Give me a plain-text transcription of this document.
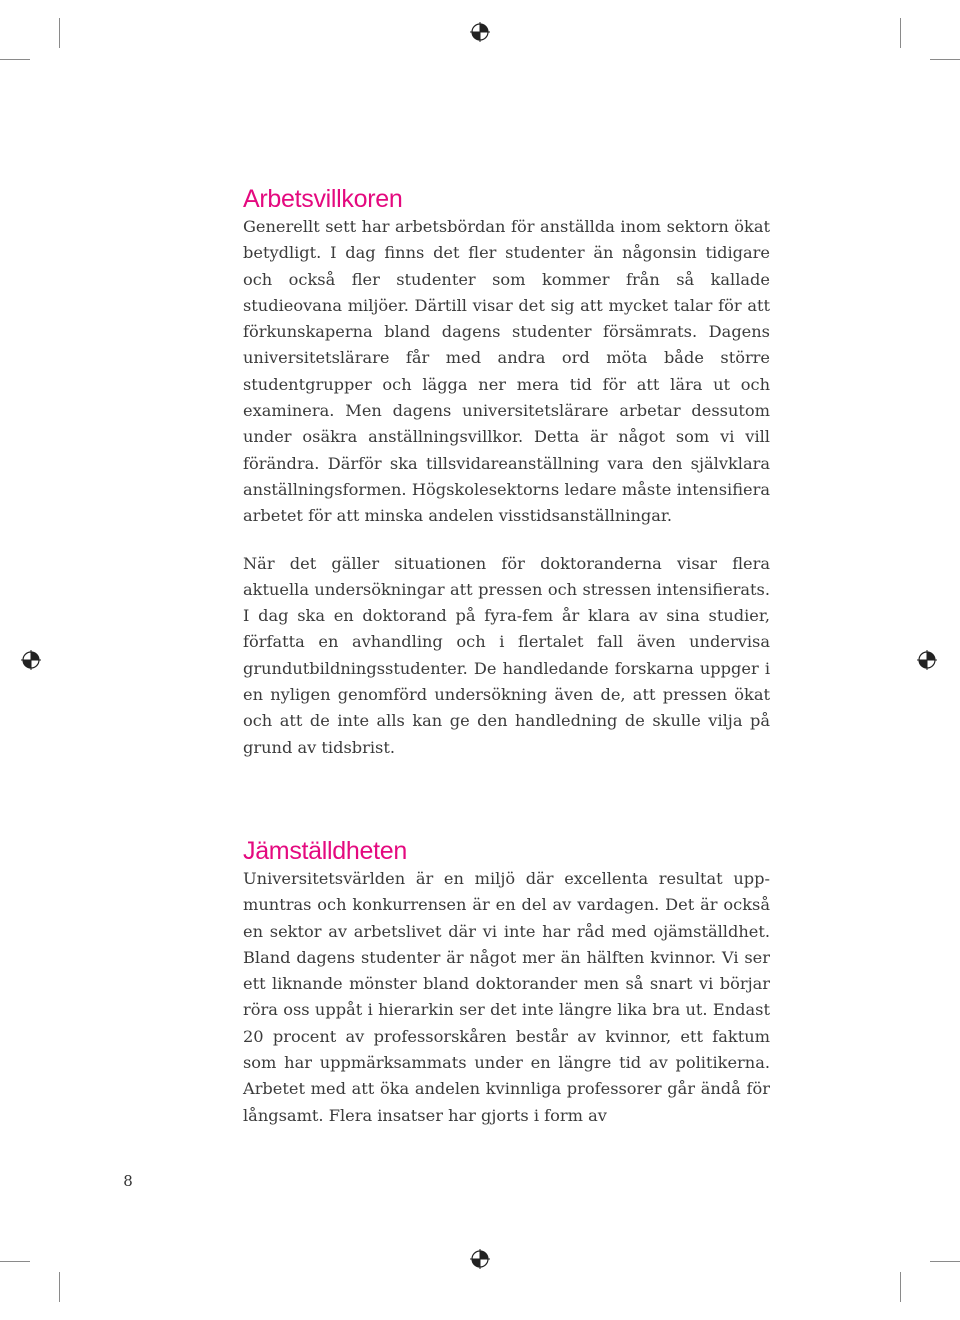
Arbetsvillkoren

Generellt sett har arbetsbördan för anställda inom sektorn ökat betydligt. I dag finns det fler studenter än någonsin tidigare och också fler studenter som kommer från så kallade studieovana miljöer. Därtill visar det sig att mycket talar för att förkunskaperna bland dagens studenter försämrats. Dagens universitetslärare får med andra ord möta både större studentgrupper och lägga ner mera tid för att lära ut och examinera. Men dagens universitetslärare arbetar dessutom under osäkra anställningsvillkor. Detta är något som vi vill förändra. Därför ska tillsvidareanställning vara den självklara anställningsformen. Högskolesektorns ledare måste intensifiera arbetet för att minska andelen visstidsanställningar.

När det gäller situationen för doktoranderna visar flera aktuella undersökningar att pressen och stressen intensifierats. I dag ska en doktorand på fyra-fem år klara av sina studier, författa en avhandling och i flertalet fall även undervisa grundutbildningsstudenter. De handledande forskarna uppger i en nyligen genomförd undersökning även de, att pressen ökat och att de inte alls kan ge den handledning de skulle vilja på grund av tidsbrist.

Jämställdheten

Universitetsvärlden är en miljö där excellenta resultat uppmuntras och konkurrensen är en del av vardagen. Det är också en sektor av arbetslivet där vi inte har råd med ojämställdhet. Bland dagens studenter är något mer än hälften kvinnor. Vi ser ett liknande mönster bland doktorander men så snart vi börjar röra oss uppåt i hierarkin ser det inte längre lika bra ut. Endast 20 procent av professorskåren består av kvinnor, ett faktum som har uppmärksammats under en längre tid av politikerna. Arbetet med att öka andelen kvinnliga professorer går ändå för långsamt. Flera insatser har gjorts i form av

8
